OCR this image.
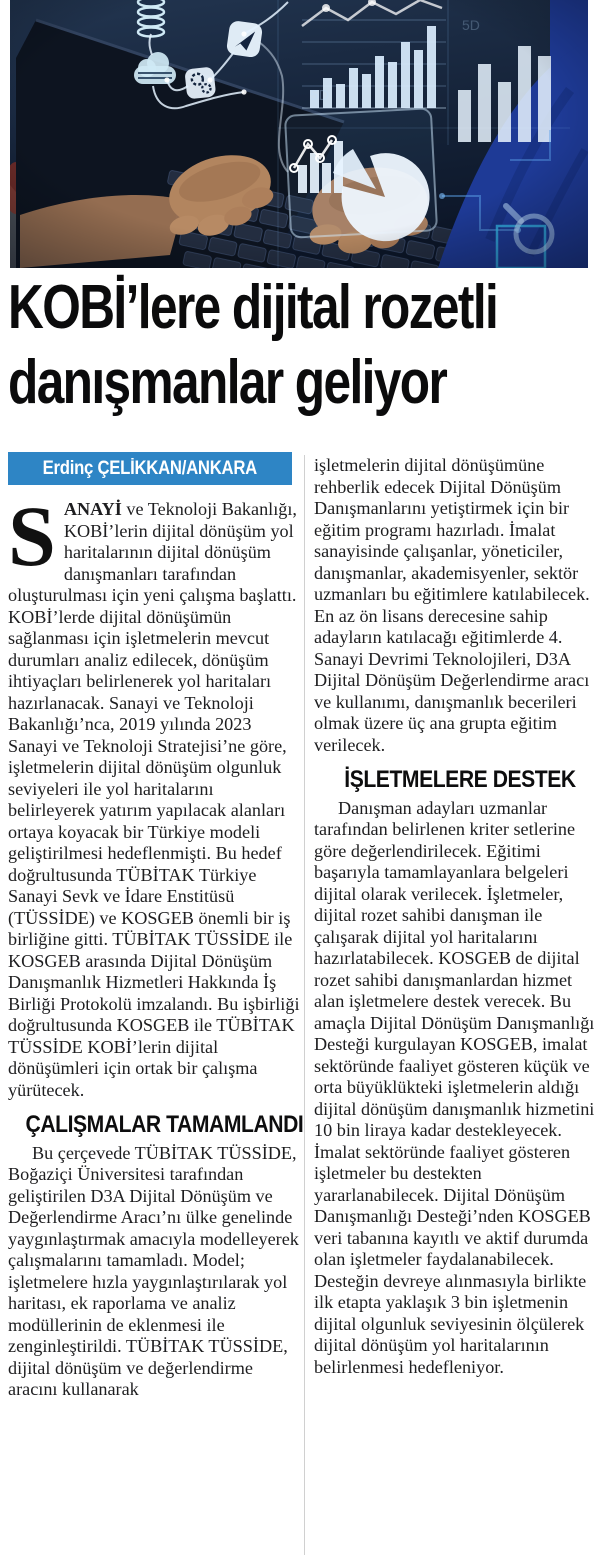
KOBİ’lere dijital rozetli
danışmanlar geliyor
Erdinç ÇELİKKAN/ANKARA

SANAYİ ve Teknoloji Bakanlığı, KOBİ’lerin dijital dönüşüm yol haritalarının dijital dönüşüm danışmanları tarafından oluşturulması için yeni çalışma başlattı. KOBİ’lerde dijital dönüşümün sağlanması için işletmelerin mevcut durumları analiz edilecek, dönüşüm ihtiyaçları belirlenerek yol haritaları hazırlanacak. Sanayi ve Teknoloji Bakanlığı’nca, 2019 yılında 2023 Sanayi ve Teknoloji Stratejisi’ne göre, işletmelerin dijital dönüşüm olgunluk seviyeleri ile yol haritalarını belirleyerek yatırım yapılacak alanları ortaya koyacak bir Türkiye modeli geliştirilmesi hedeflenmişti. Bu hedef doğrultusunda TÜBİTAK Türkiye Sanayi Sevk ve İdare Enstitüsü (TÜSSİDE) ve KOSGEB önemli bir iş birliğine gitti. TÜBİTAK TÜSSİDE ile KOSGEB arasında Dijital Dönüşüm Danışmanlık Hizmetleri Hakkında İş Birliği Protokolü imzalandı. Bu işbirliği doğrultusunda KOSGEB ile TÜBİTAK TÜSSİDE KOBİ’lerin dijital dönüşümleri için ortak bir çalışma yürütecek.

ÇALIŞMALAR TAMAMLANDI

Bu çerçevede TÜBİTAK TÜSSİDE, Boğaziçi Üniversitesi tarafından geliştirilen D3A Dijital Dönüşüm ve Değerlendirme Aracı’nı ülke genelinde yaygınlaştırmak amacıyla modelleyerek çalışmalarını tamamladı. Model; işletmelere hızla yaygınlaştırılarak yol haritası, ek raporlama ve analiz modüllerinin de eklenmesi ile zenginleştirildi. TÜBİTAK TÜSSİDE, dijital dönüşüm ve değerlendirme aracını kullanarak

işletmelerin dijital dönüşümüne rehberlik edecek Dijital Dönüşüm Danışmanlarını yetiştirmek için bir eğitim programı hazırladı. İmalat sanayisinde çalışanlar, yöneticiler, danışmanlar, akademisyenler, sektör uzmanları bu eğitimlere katılabilecek. En az ön lisans derecesine sahip adayların katılacağı eğitimlerde 4. Sanayi Devrimi Teknolojileri, D3A Dijital Dönüşüm Değerlendirme aracı ve kullanımı, danışmanlık becerileri olmak üzere üç ana grupta eğitim verilecek.

İŞLETMELERE DESTEK

Danışman adayları uzmanlar tarafından belirlenen kriter setlerine göre değerlendirilecek. Eğitimi başarıyla tamamlayanlara belgeleri dijital olarak verilecek. İşletmeler, dijital rozet sahibi danışman ile çalışarak dijital yol haritalarını hazırlatabilecek. KOSGEB de dijital rozet sahibi danışmanlardan hizmet alan işletmelere destek verecek. Bu amaçla Dijital Dönüşüm Danışmanlığı Desteği kurgulayan KOSGEB, imalat sektöründe faaliyet gösteren küçük ve orta büyüklükteki işletmelerin aldığı dijital dönüşüm danışmanlık hizmetini 10 bin liraya kadar destekleyecek. İmalat sektöründe faaliyet gösteren işletmeler bu destekten yararlanabilecek. Dijital Dönüşüm Danışmanlığı Desteği’nden KOSGEB veri tabanına kayıtlı ve aktif durumda olan işletmeler faydalanabilecek. Desteğin devreye alınmasıyla birlikte ilk etapta yaklaşık 3 bin işletmenin dijital olgunluk seviyesinin ölçülerek dijital dönüşüm yol haritalarının belirlenmesi hedefleniyor.
